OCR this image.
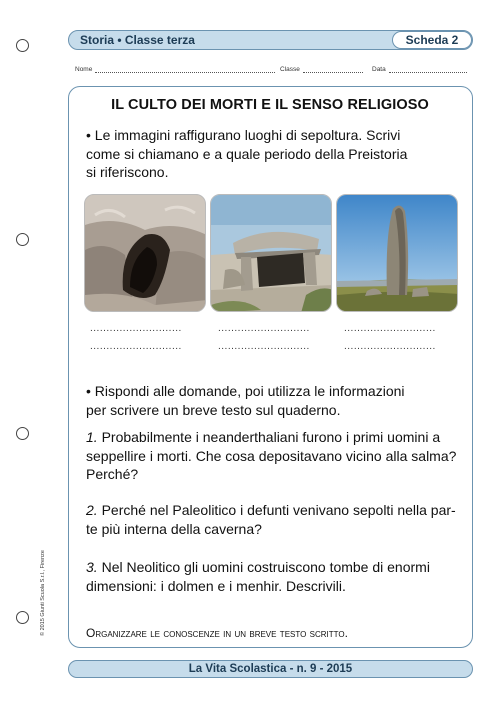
Storia • Classe terza	Scheda 2
Nome	Classe	Data
IL CULTO DEI MORTI E IL SENSO RELIGIOSO
• Le immagini raffigurano luoghi di sepoltura. Scrivi
come si chiamano e a quale periodo della Preistoria
si riferiscono.
............................	............................	............................
............................	............................	............................
• Rispondi alle domande, poi utilizza le informazioni
per scrivere un breve testo sul quaderno.
1. Probabilmente i neanderthaliani furono i primi uomini a
seppellire i morti. Che cosa depositavano vicino alla salma?
Perché?
2. Perché nel Paleolitico i defunti venivano sepolti nella par-
te più interna della caverna?
3. Nel Neolitico gli uomini costruiscono tombe di enormi
dimensioni: i dolmen e i menhir. Descrivili.
Organizzare le conoscenze in un breve testo scritto.
© 2015 Giunti Scuola S.r.l., Firenze
La Vita Scolastica - n. 9 - 2015
